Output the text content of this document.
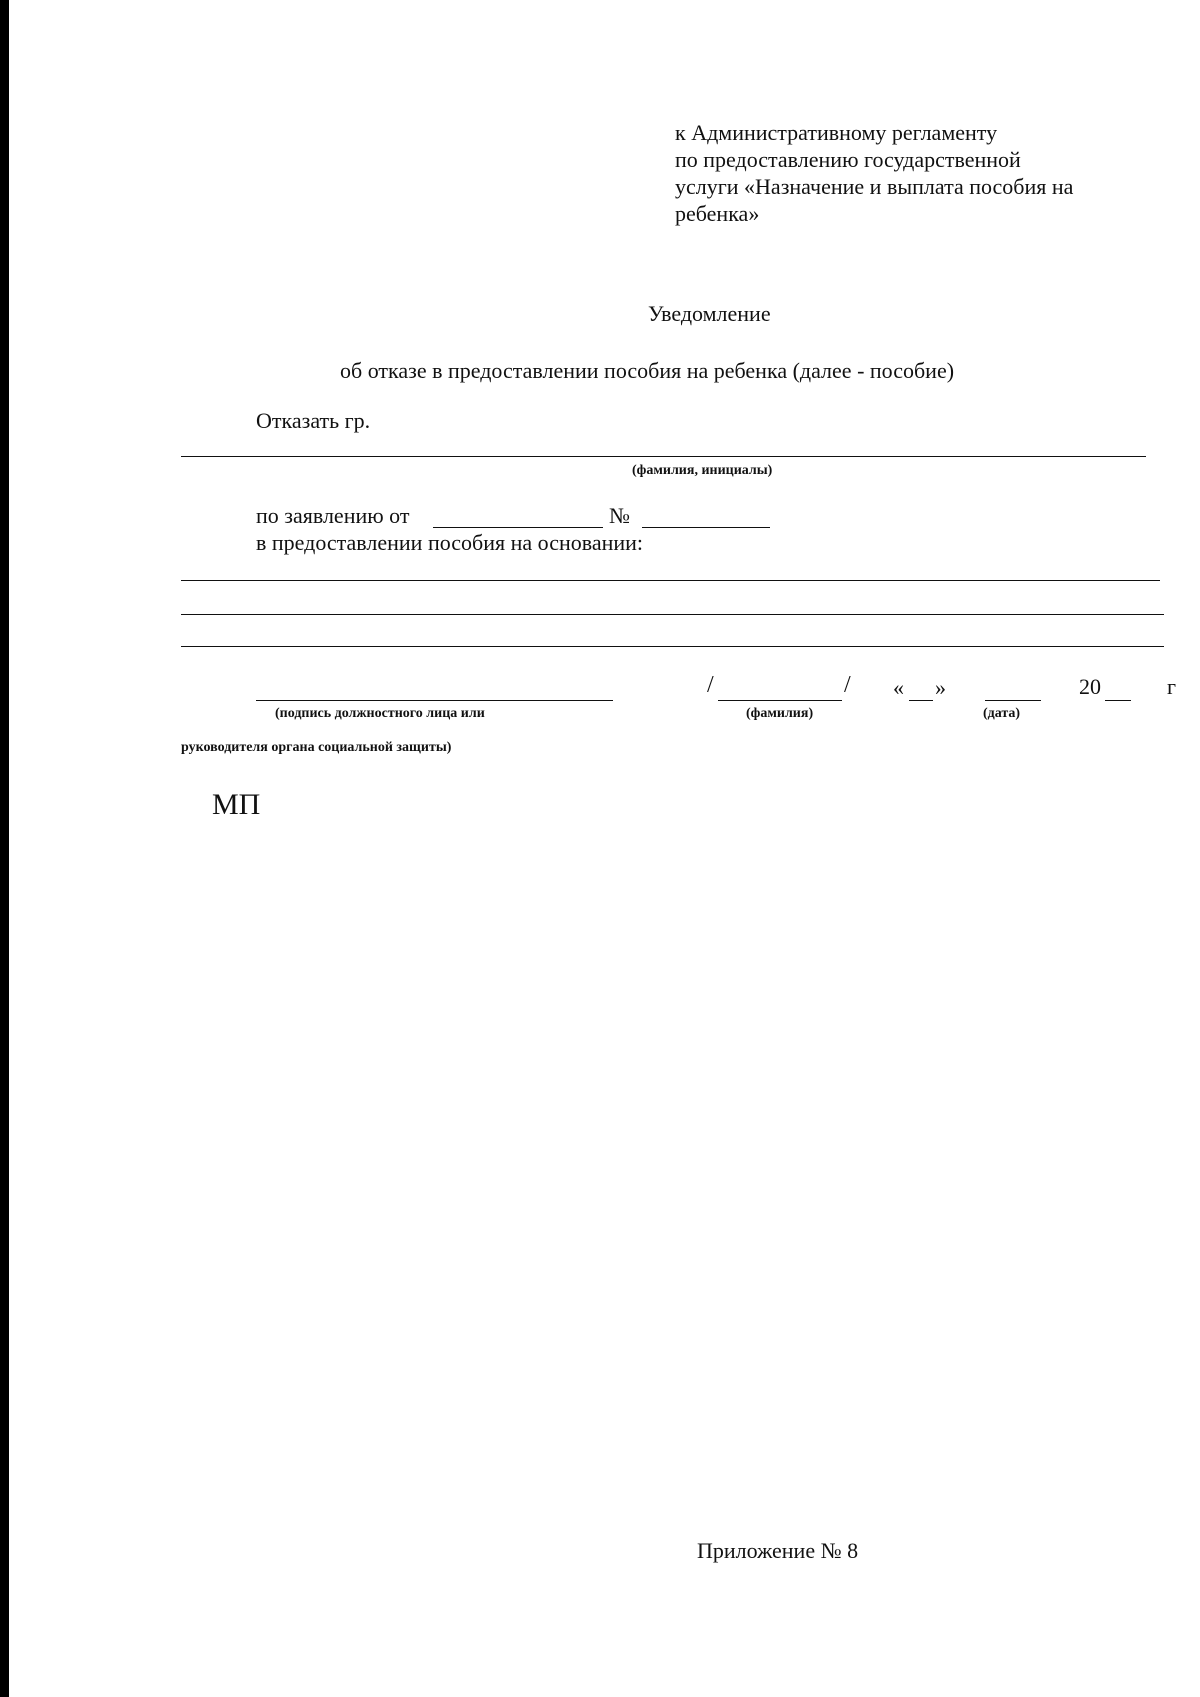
к Административному регламенту
по предоставлению государственной
услуги «Назначение и выплата пособия на
ребенка»
Уведомление
об отказе в предоставлении пособия на ребенка (далее - пособие)
Отказать гр.
(фамилия, инициалы)
по заявлению от	№
в предоставлении пособия на основании:
/	/ « »	20	г
(подпись должностного лица или	(фамилия)	(дата)
руководителя органа социальной защиты)
МП
Приложение № 8
